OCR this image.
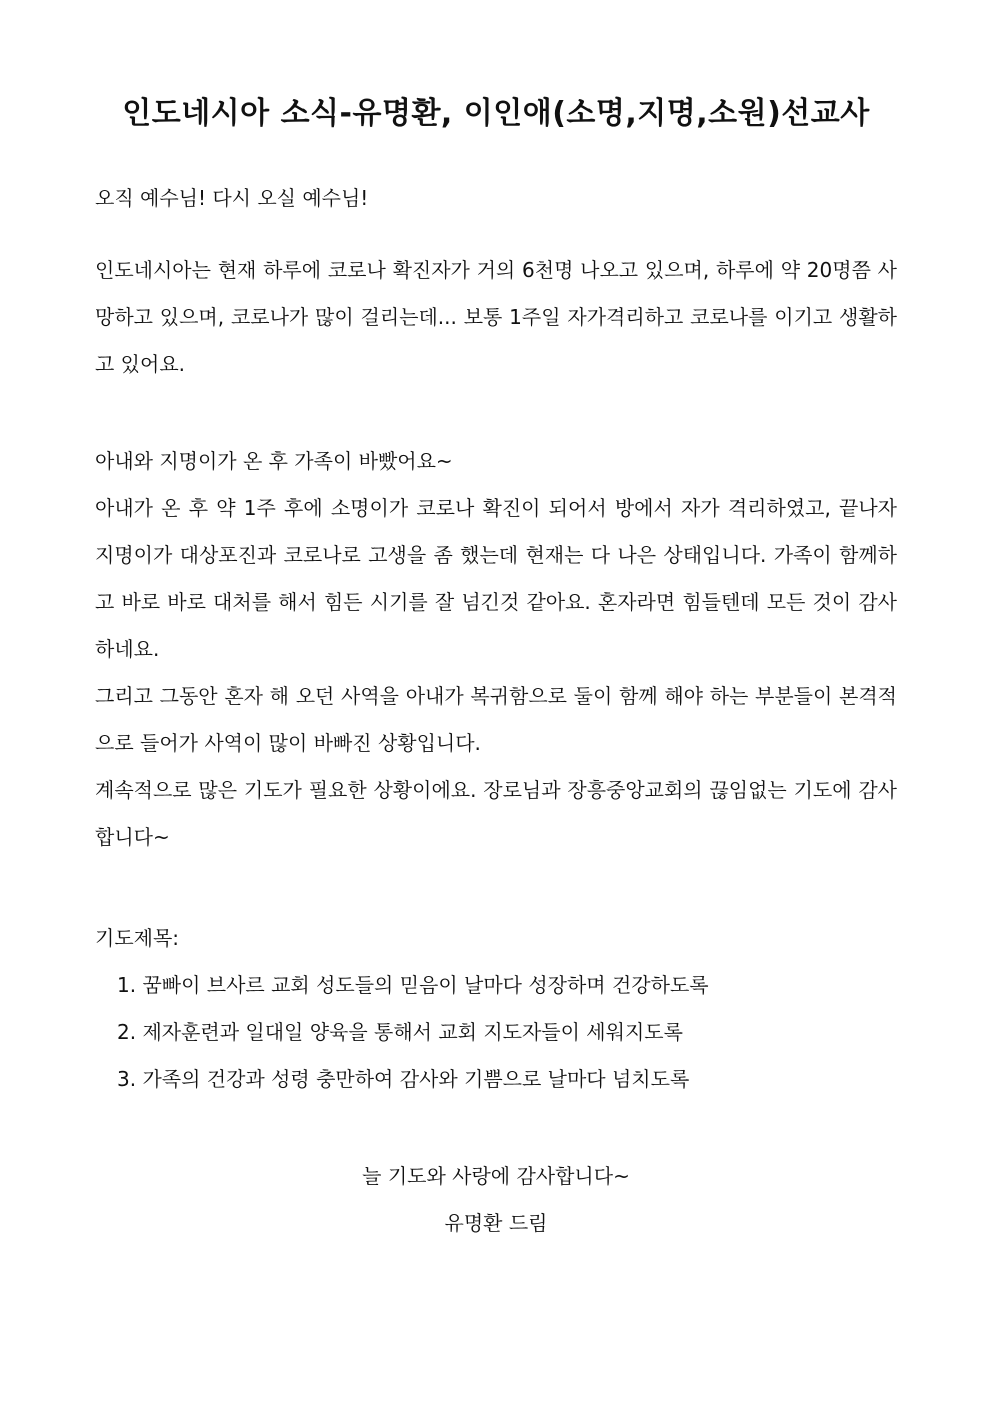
인도네시아 소식-유명환, 이인애(소명,지명,소원)선교사

오직 예수님! 다시 오실 예수님!

인도네시아는 현재 하루에 코로나 확진자가 거의 6천명 나오고 있으며, 하루에 약 20명쯤 사망하고 있으며, 코로나가 많이 걸리는데... 보통 1주일 자가격리하고 코로나를 이기고 생활하고 있어요.

아내와 지명이가 온 후 가족이 바빴어요~

아내가 온 후 약 1주 후에 소명이가 코로나 확진이 되어서 방에서 자가 격리하였고, 끝나자 지명이가 대상포진과 코로나로 고생을 좀 했는데 현재는 다 나은 상태입니다. 가족이 함께하고 바로 바로 대처를 해서 힘든 시기를 잘 넘긴것 같아요. 혼자라면 힘들텐데 모든 것이 감사하네요.

그리고 그동안 혼자 해 오던 사역을 아내가 복귀함으로 둘이 함께 해야 하는 부분들이 본격적으로 들어가 사역이 많이 바빠진 상황입니다.

계속적으로 많은 기도가 필요한 상황이에요. 장로님과 장흥중앙교회의 끊임없는 기도에 감사합니다~

기도제목:

1. 꿈빠이 브사르 교회 성도들의 믿음이 날마다 성장하며 건강하도록
2. 제자훈련과 일대일 양육을 통해서 교회 지도자들이 세워지도록
3. 가족의 건강과 성령 충만하여 감사와 기쁨으로 날마다 넘치도록

늘 기도와 사랑에 감사합니다~

유명환 드림
